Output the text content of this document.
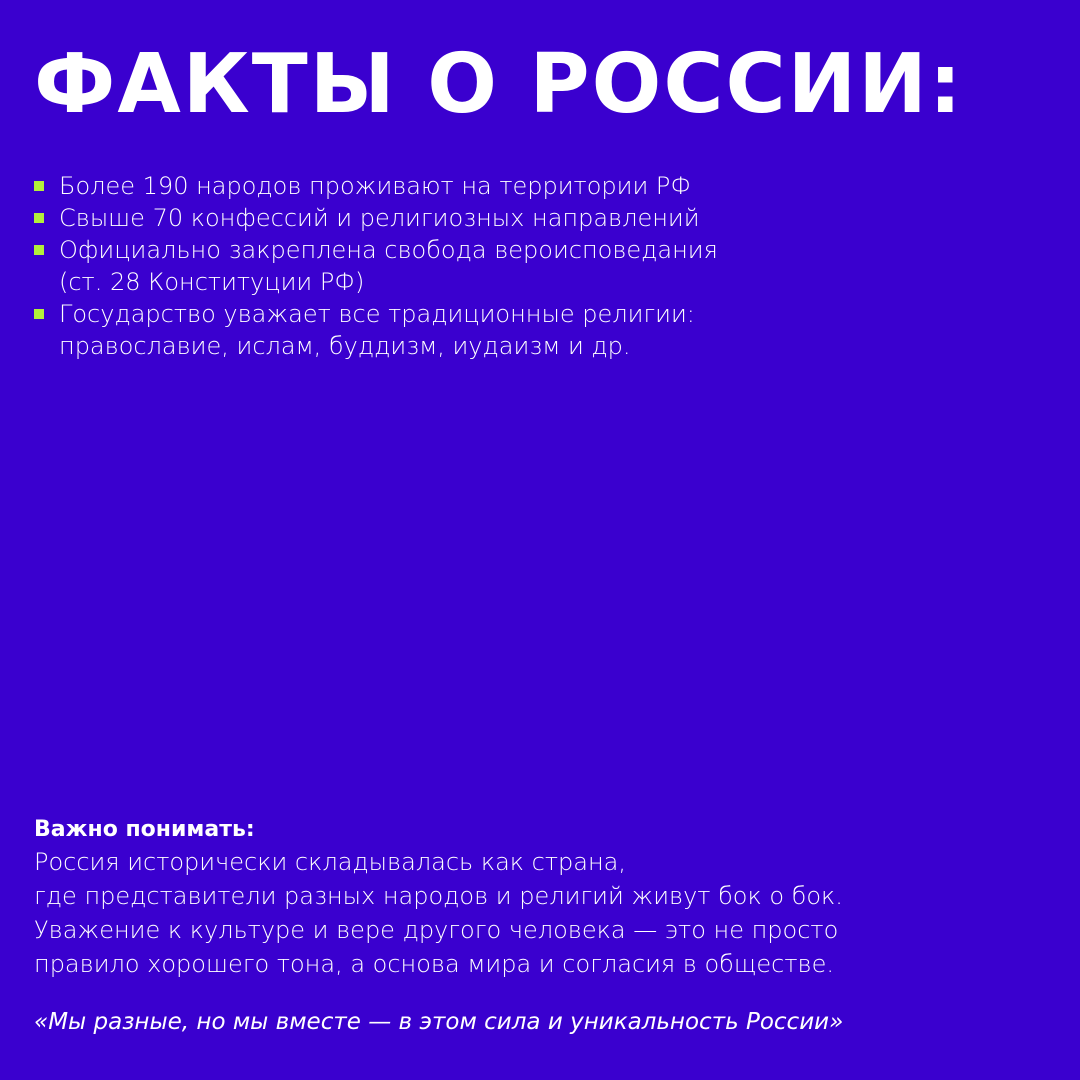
ФАКТЫ О РОССИИ:
Более 190 народов проживают на территории РФ
Свыше 70 конфессий и религиозных направлений
Официально закреплена свобода вероисповедания
(ст. 28 Конституции РФ)
Государство уважает все традиционные религии:
православие, ислам, буддизм, иудаизм и др.
Важно понимать:
Россия исторически складывалась как страна,
где представители разных народов и религий живут бок о бок.
Уважение к культуре и вере другого человека — это не просто
правило хорошего тона, а основа мира и согласия в обществе.

«Мы разные, но мы вместе — в этом сила и уникальность России»
